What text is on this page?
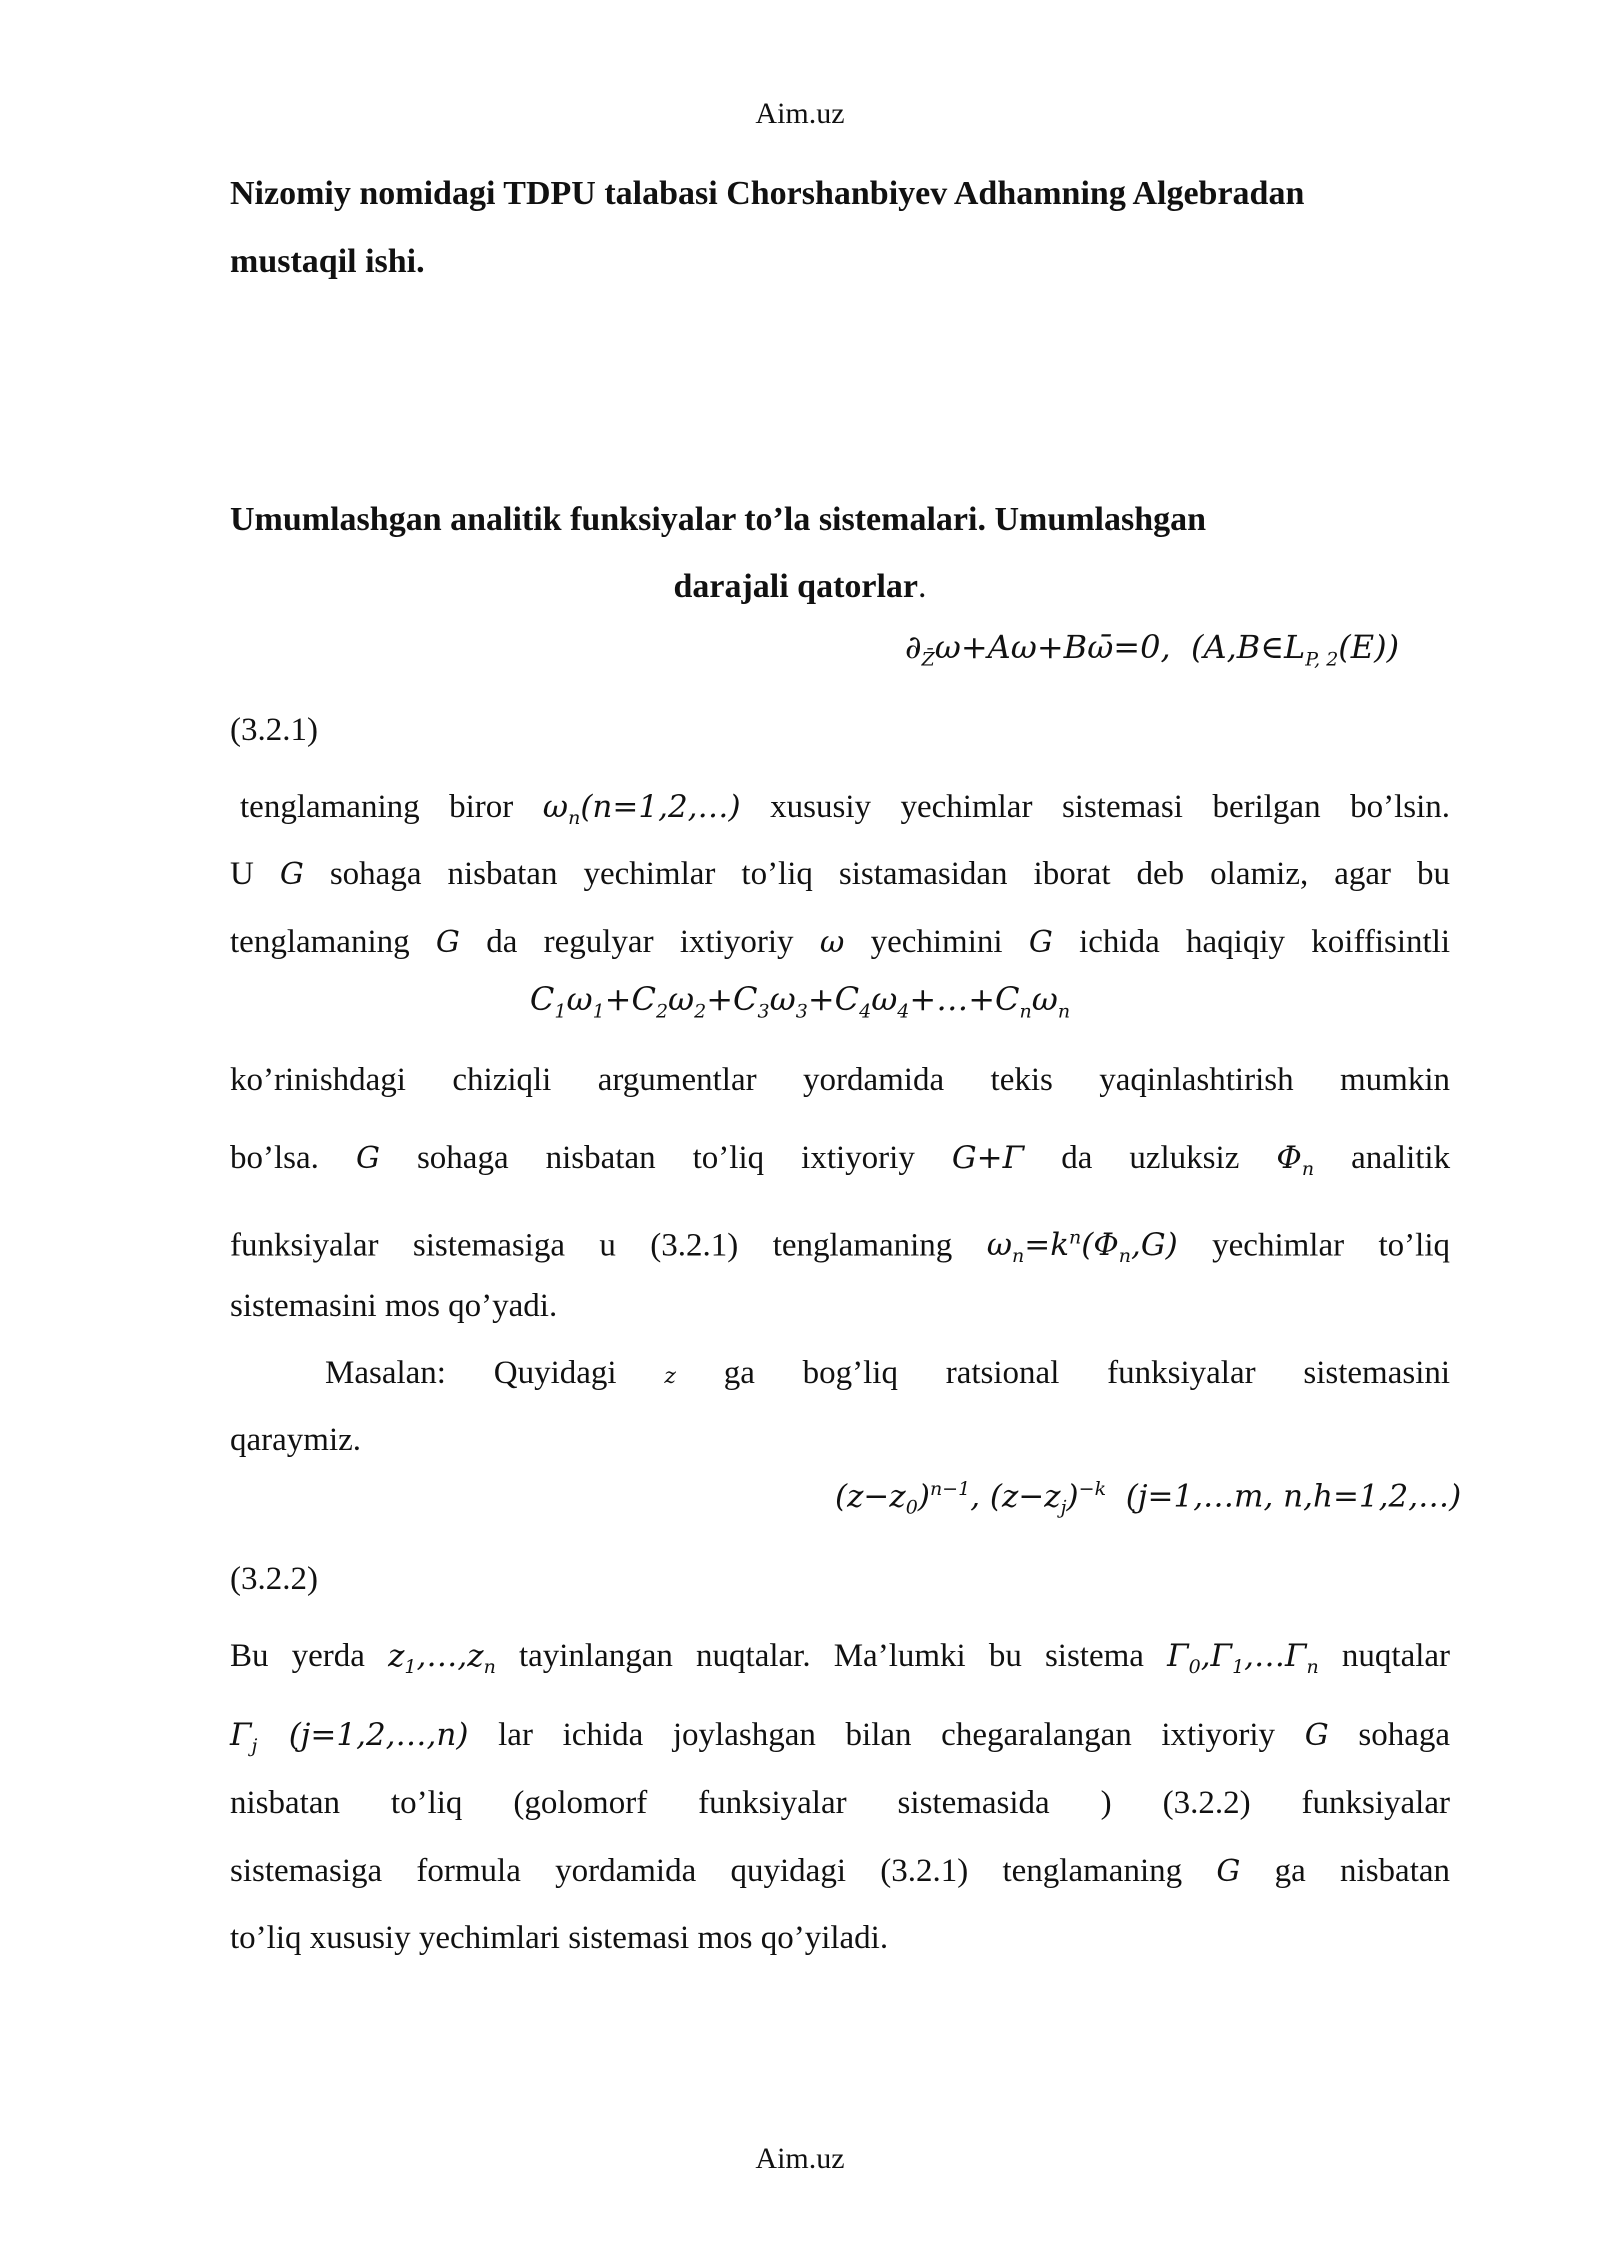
Aim.uz
Nizomiy nomidagi TDPU talabasi Chorshanbiyev Adhamning Algebradan
mustaqil ishi.
Umumlashgan analitik funksiyalar to’la sistemalari. Umumlashgan
darajali qatorlar.
$\partial_{Z̄}\omega+A\omega+B\omegā=0$,  $(A,B\in L_{P, 2}(E))$
(3.2.1)
tenglamaning biror $\omega_n(n=1,2,\dots)$ xususiy yechimlar sistemasi berilgan bo’lsin.
U G sohaga nisbatan yechimlar to’liq sistamasidan iborat deb olamiz, agar bu
tenglamaning G da regulyar ixtiyoriy ω yechimini G ichida haqiqiy koiffisintli
$C_1\omega_1+C_2\omega_2+C_3\omega_3+C_4\omega_4+\dots+C_n\omega_n$
ko’rinishdagi chiziqli argumentlar yordamida tekis yaqinlashtirish mumkin
bo’lsa. G sohaga nisbatan to’liq ixtiyoriy G+Γ da uzluksiz $\Phi_n$ analitik
funksiyalar sistemasiga u (3.2.1) tenglamaning $\omega_n=k^n(\Phi_n,G)$ yechimlar to’liq
sistemasini mos qo’yadi.
Masalan: Quyidagi z ga bog’liq ratsional funksiyalar sistemasini
qaraymiz.
$(z-z_0)^{n-1}$, $(z-z_j)^{-k}$  (j=1,…m, n,h=1,2,…)
(3.2.2)
Bu yerda $z_1,\dots,z_n$ tayinlangan nuqtalar. Ma’lumki bu sistema $\Gamma_0,\Gamma_1,\dots\Gamma_n$ nuqtalar
$\Gamma_j$ (j=1,2,…,n) lar ichida joylashgan bilan chegaralangan ixtiyoriy G sohaga
nisbatan to’liq (golomorf funksiyalar sistemasida ) (3.2.2) funksiyalar
sistemasiga formula yordamida quyidagi (3.2.1) tenglamaning G ga nisbatan
to’liq xususiy yechimlari sistemasi mos qo’yiladi.
Aim.uz
